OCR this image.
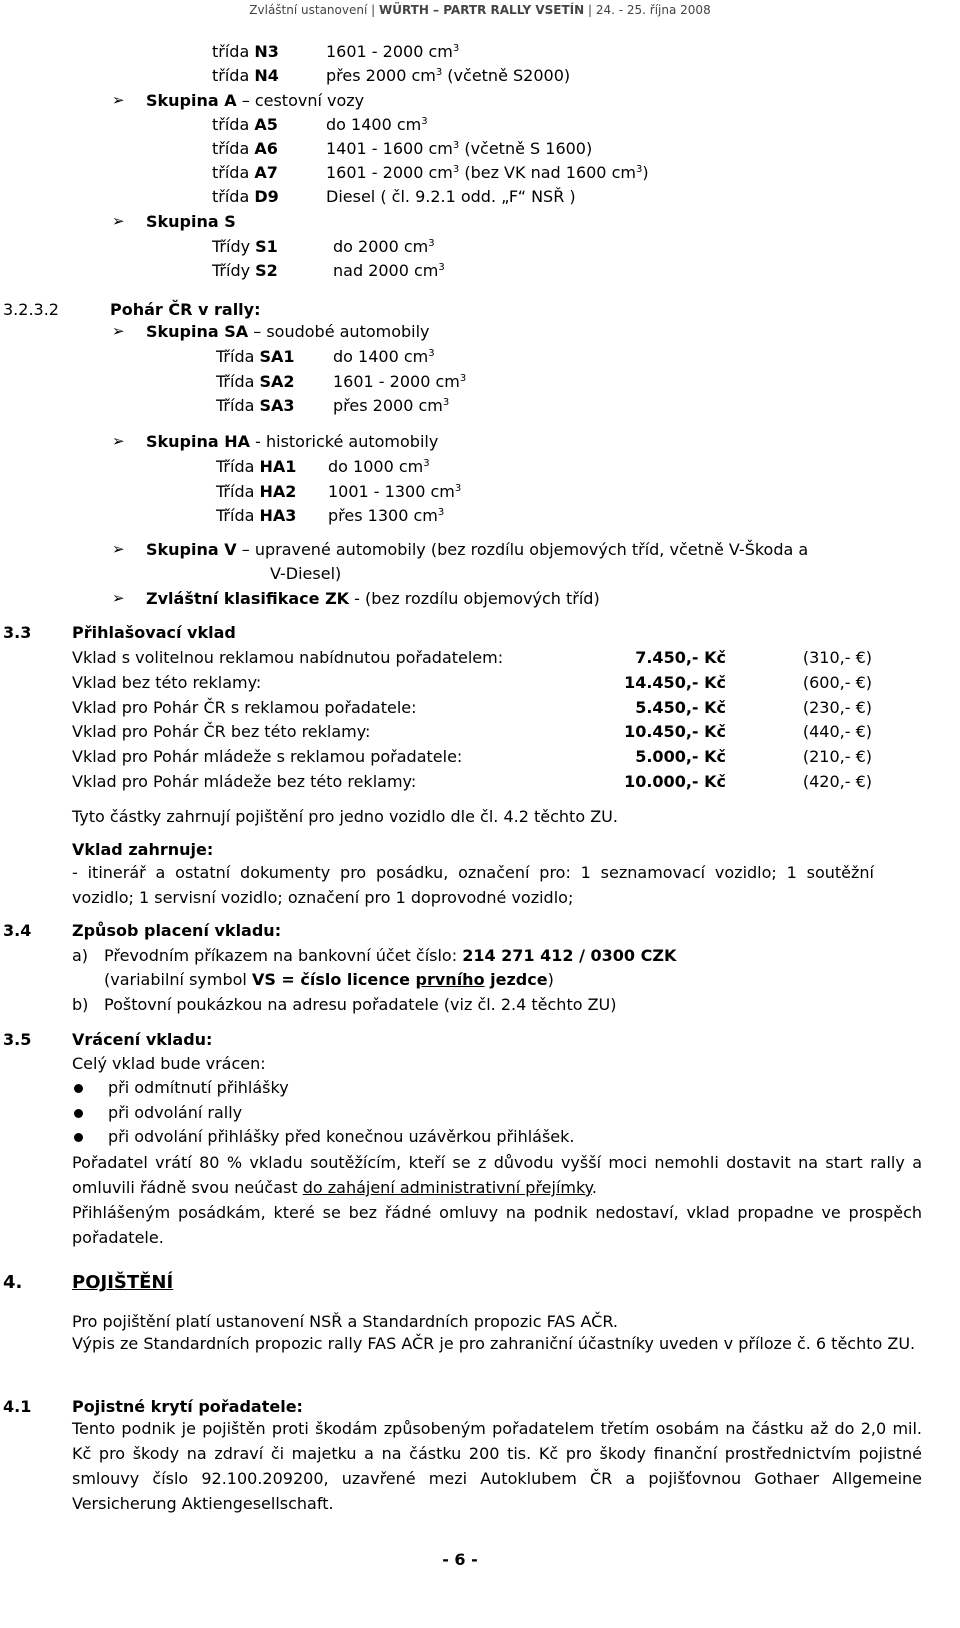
Zvláštní ustanovení | WÜRTH – PARTR RALLY VSETÍN | 24. - 25. října 2008
třída N3	1601 - 2000 $cm^3$
třída N4	přes 2000 $cm^3$ (včetně S2000)
➢ Skupina A – cestovní vozy
třída A5	do 1400 $cm^3$
třída A6	1401 - 1600 $cm^3$ (včetně S 1600)
třída A7	1601 - 2000 $cm^3$ (bez VK nad 1600 $cm^3$)
třída D9	Diesel ( čl. 9.2.1 odd. „F“ NSŘ )
➢ Skupina S
Třídy S1	do 2000 $cm^3$
Třídy S2	nad 2000 $cm^3$
3.2.3.2	Pohár ČR v rally:
➢ Skupina SA – soudobé automobily
Třída SA1 do 1400 $cm^3$
Třída SA2 1601 - 2000 $cm^3$
Třída SA3 přes 2000 $cm^3$
➢ Skupina HA - historické automobily
Třída HA1 do 1000 $cm^3$
Třída HA2 1001 - 1300 $cm^3$
Třída HA3 přes 1300 $cm^3$
➢ Skupina V – upravené automobily (bez rozdílu objemových tříd, včetně V-Škoda a
V-Diesel)
➢ Zvláštní klasifikace ZK - (bez rozdílu objemových tříd)
3.3	Přihlašovací vklad
Vklad s volitelnou reklamou nabídnutou pořadatelem:	7.450,- Kč	(310,- €)
Vklad bez této reklamy:	14.450,- Kč	(600,- €)
Vklad pro Pohár ČR s reklamou pořadatele:	5.450,- Kč	(230,- €)
Vklad pro Pohár ČR bez této reklamy:	10.450,- Kč	(440,- €)
Vklad pro Pohár mládeže s reklamou pořadatele:	5.000,- Kč	(210,- €)
Vklad pro Pohár mládeže bez této reklamy:	10.000,- Kč	(420,- €)
Tyto částky zahrnují pojištění pro jedno vozidlo dle čl. 4.2 těchto ZU.
Vklad zahrnuje:
- itinerář a ostatní dokumenty pro posádku, označení pro: 1 seznamovací vozidlo; 1 soutěžní vozidlo; 1 servisní vozidlo; označení pro 1 doprovodné vozidlo;
3.4	Způsob placení vkladu:
a) Převodním příkazem na bankovní účet číslo: 214 271 412 / 0300 CZK
(variabilní symbol VS = číslo licence prvního jezdce)
b) Poštovní poukázkou na adresu pořadatele (viz čl. 2.4 těchto ZU)
3.5	Vrácení vkladu:
Celý vklad bude vrácen:
při odmítnutí přihlášky
při odvolání rally
při odvolání přihlášky před konečnou uzávěrkou přihlášek.
Pořadatel vrátí 80 % vkladu soutěžícím, kteří se z důvodu vyšší moci nemohli dostavit na start rally a omluvili řádně svou neúčast do zahájení administrativní přejímky.
Přihlášeným posádkám, které se bez řádné omluvy na podnik nedostaví, vklad propadne ve prospěch pořadatele.
4.	POJIŠTĚNÍ
Pro pojištění platí ustanovení NSŘ a Standardních propozic FAS AČR.
Výpis ze Standardních propozic rally FAS AČR je pro zahraniční účastníky uveden v příloze č. 6 těchto ZU.
4.1	Pojistné krytí pořadatele:
Tento podnik je pojištěn proti škodám způsobeným pořadatelem třetím osobám na částku až do 2,0 mil. Kč pro škody na zdraví či majetku a na částku 200 tis. Kč pro škody finanční prostřednictvím pojistné smlouvy číslo 92.100.209200, uzavřené mezi Autoklubem ČR a pojišťovnou Gothaer Allgemeine Versicherung Aktiengesellschaft.
- 6 -
